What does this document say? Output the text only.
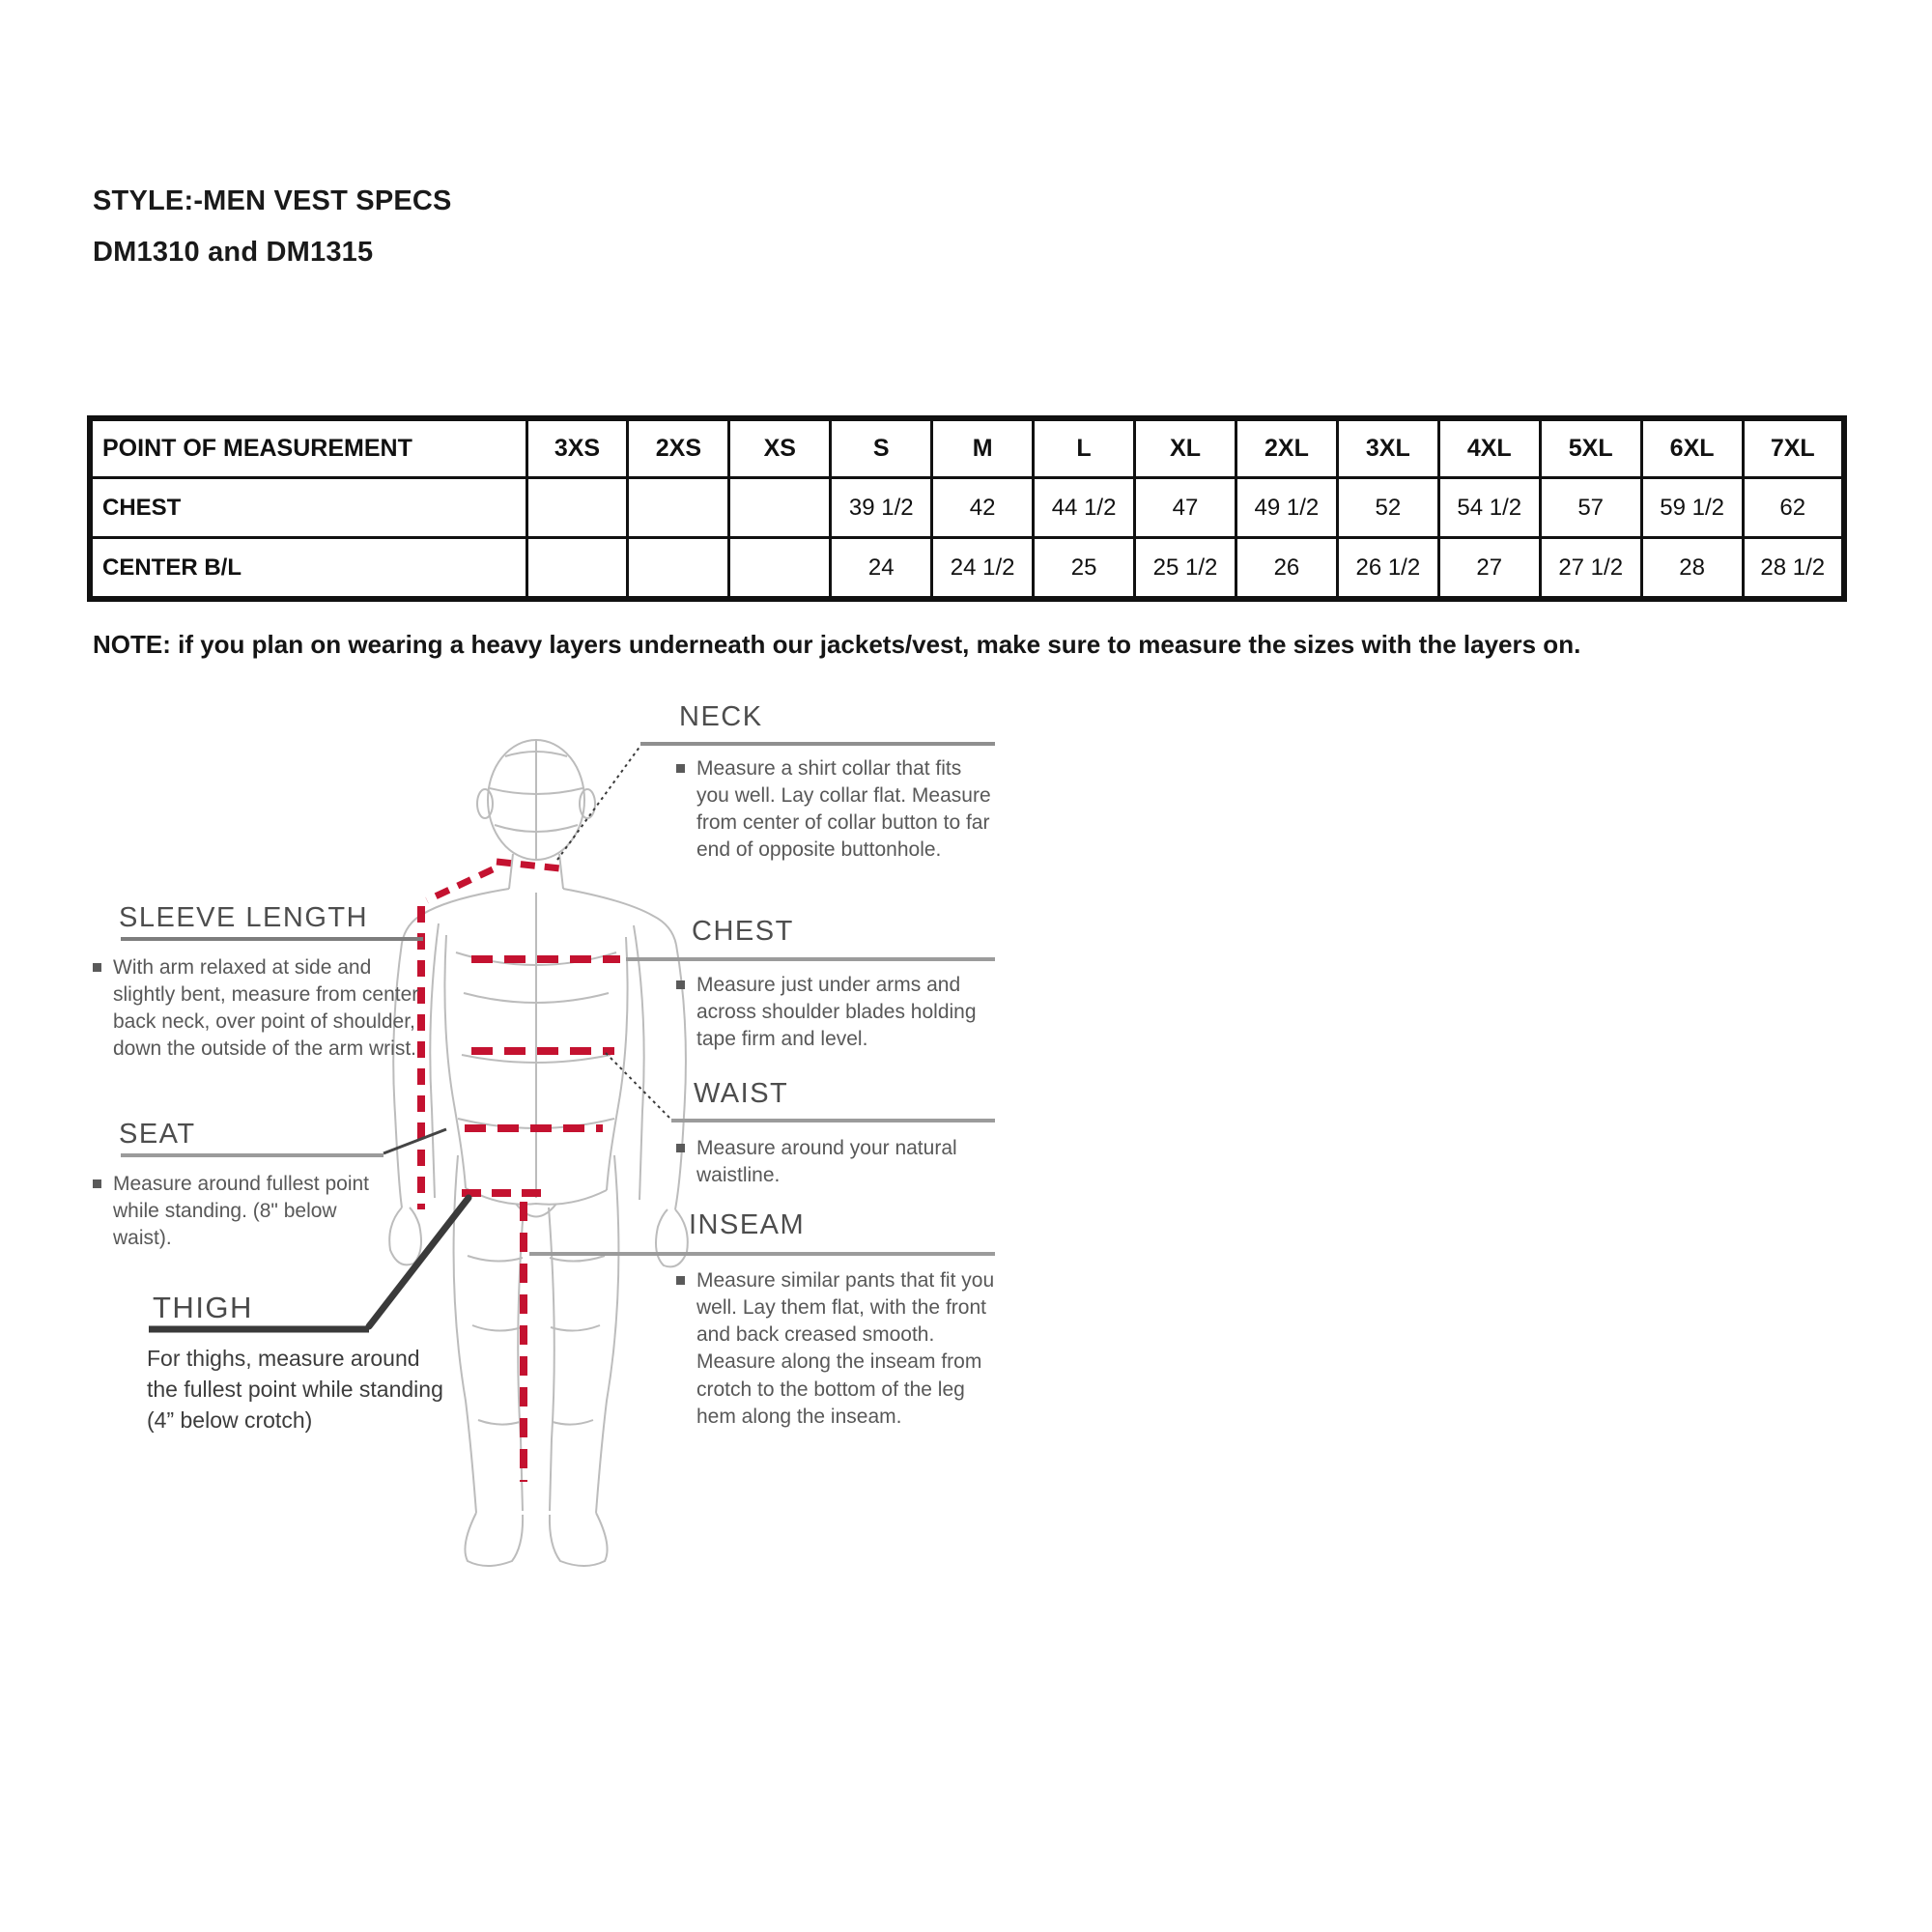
STYLE:-MEN VEST SPECS
DM1310 and DM1315
POINT OF MEASUREMENT	3XS	2XS	XS	S	M	L	XL	2XL	3XL	4XL	5XL	6XL	7XL
CHEST				39 1/2	42	44 1/2	47	49 1/2	52	54 1/2	57	59 1/2	62
CENTER B/L				24	24 1/2	25	25 1/2	26	26 1/2	27	27 1/2	28	28 1/2
NOTE: if you plan on wearing a heavy layers underneath our jackets/vest, make sure to measure the sizes with the layers on.
NECK

Measure a shirt collar that fits you well. Lay collar flat. Measure from center of collar button to far end of opposite buttonhole.

CHEST

Measure just under arms and across shoulder blades holding tape firm and level.

WAIST

Measure around your natural waistline.

INSEAM

Measure similar pants that fit you well. Lay them flat, with the front and back creased smooth. Measure along the inseam from crotch to the bottom of the leg hem along the inseam.

SLEEVE LENGTH

With arm relaxed at side and slightly bent, measure from center back neck, over point of shoulder, down the outside of the arm wrist.

SEAT

Measure around fullest point while standing. (8" below waist).

THIGH

For thighs, measure around the fullest point while standing (4” below crotch)
